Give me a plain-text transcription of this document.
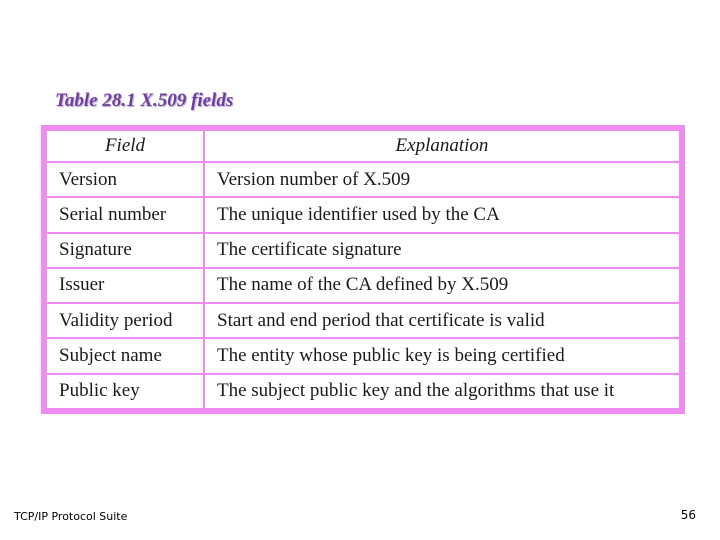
Table 28.1 X.509 fields
Field	Explanation
Version	Version number of X.509
Serial number	The unique identifier used by the CA
Signature	The certificate signature
Issuer	The name of the CA defined by X.509
Validity period	Start and end period that certificate is valid
Subject name	The entity whose public key is being certified
Public key	The subject public key and the algorithms that use it
TCP/IP Protocol Suite	56
